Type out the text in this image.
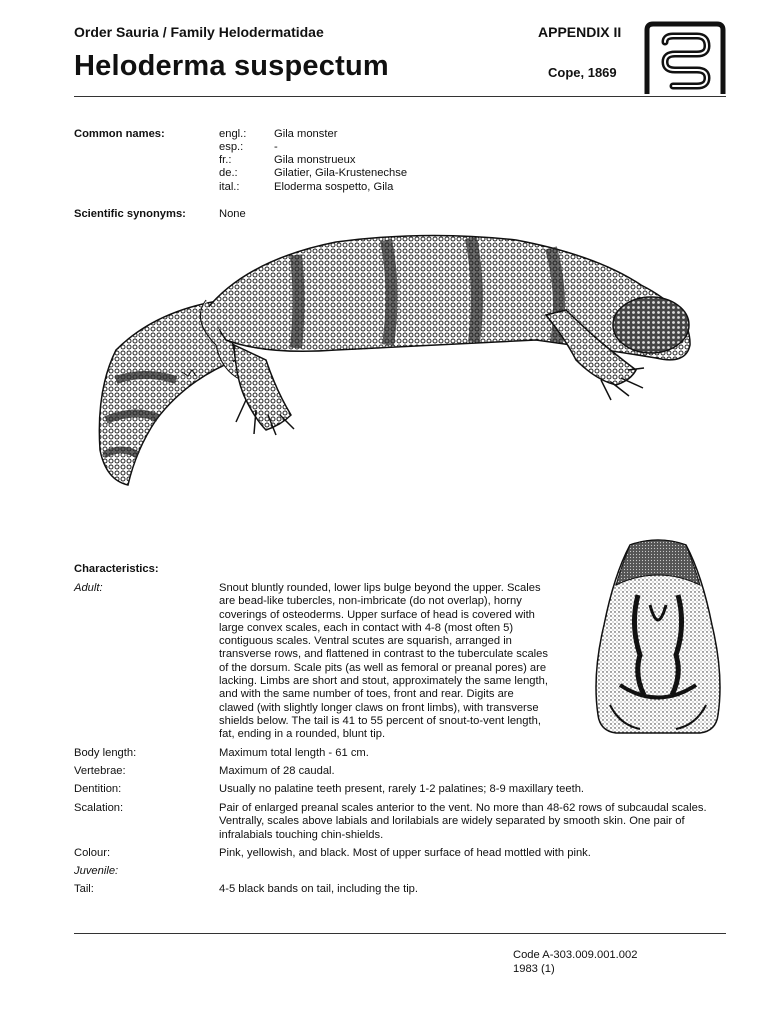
Order Sauria / Family Helodermatidae	APPENDIX II
Heloderma suspectum	Cope, 1869
Common names:	engl.: Gila monster
esp.:	-
fr.:	Gila monstrueux
de.:	Gilatier, Gila-Krustenechse
ital.:	Eloderma sospetto, Gila
Scientific synonyms:	None
Characteristics:
Adult:	Snout bluntly rounded, lower lips bulge beyond the upper. Scales
are bead-like tubercles, non-imbricate (do not overlap), horny
coverings of osteoderms. Upper surface of head is covered with
large convex scales, each in contact with 4-8 (most often 5)
contiguous scales. Ventral scutes are squarish, arranged in
transverse rows, and flattened in contrast to the tuberculate scales
of the dorsum. Scale pits (as well as femoral or preanal pores) are
lacking. Limbs are short and stout, approximately the same length,
and with the same number of toes, front and rear. Digits are
clawed (with slightly longer claws on front limbs), with transverse
shields below. The tail is 41 to 55 percent of snout-to-vent length,
fat, ending in a rounded, blunt tip.
Body length:	Maximum total length - 61 cm.
Vertebrae:	Maximum of 28 caudal.
Dentition:	Usually no palatine teeth present, rarely 1-2 palatines; 8-9 maxillary teeth.
Scalation:	Pair of enlarged preanal scales anterior to the vent. No more than 48-62 rows of subcaudal scales.
Ventrally, scales above labials and lorilabials are widely separated by smooth skin. One pair of
infralabials touching chin-shields.
Colour:	Pink, yellowish, and black. Most of upper surface of head mottled with pink.
Juvenile:
Tail:	4-5 black bands on tail, including the tip.
Code A-303.009.001.002
1983 (1)
